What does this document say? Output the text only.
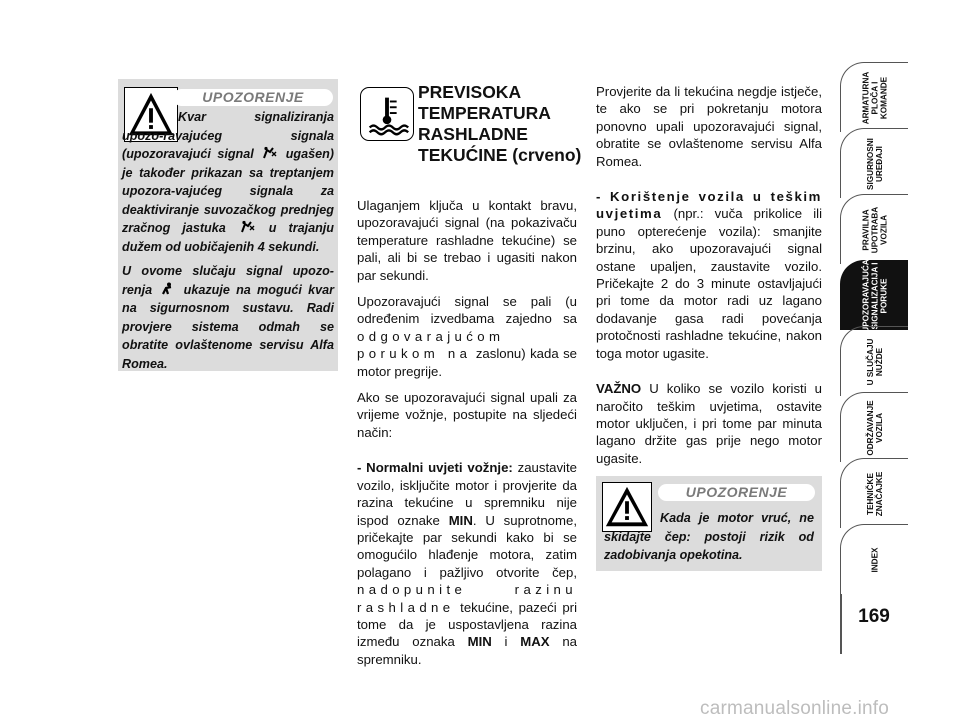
UPOZORENJE

Kvar signaliziranja upozo-ravajućeg signala (upozoravajući signal	ugašen) je također prikazan sa treptanjem upozora-vajućeg signala za deaktiviranje suvozačkog prednjeg zračnog jastuka	u trajanju dužem od uobičajenih 4 sekundi.

U ovome slučaju signal upozo-renja	ukazuje na mogući kvar na sigurnosnom sustavu. Radi provjere sistema odmah se obratite ovlaštenome servisu Alfa Romea.

PREVISOKA TEMPERATURA RASHLADNE TEKUĆINE (crveno)

Ulaganjem ključa u kontakt bravu, upozoravajući signal (na pokazivaču temperature rashladne tekućine) se pali, ali bi se trebao i ugasiti nakon par sekundi.

Upozoravajući signal se pali (u određenim izvedbama zajedno sa odgovarajućom porukom na zaslonu) kada se motor pregrije.

Ako se upozoravajući signal upali za vrijeme vožnje, postupite na sljedeći način:

- Normalni uvjeti vožnje: zaustavite vozilo, isključite motor i provjerite da razina tekućine u spremniku nije ispod oznake MIN. U suprotnome, pričekajte par sekundi kako bi se omogućilo hlađenje motora, zatim polagano i pažljivo otvorite čep, nadopunite razinu rashladne tekućine, pazeći pri tome da je uspostavljena razina između oznaka MIN i MAX na spremniku.

Provjerite da li tekućina negdje istječe, te ako se pri pokretanju motora ponovno upali upozoravajući signal, obratite se ovlaštenome servisu Alfa Romea.

- Korištenje vozila u teškim uvjetima (npr.: vuča prikolice ili puno opterećenje vozila): smanjite brzinu, ako upozoravajući signal ostane upaljen, zaustavite vozilo. Pričekajte 2 do 3 minute ostavljajući pri tome da motor radi uz lagano dodavanje gasa radi povećanja protočnosti rashladne tekućine, nakon toga motor ugasite.

VAŽNO U koliko se vozilo koristi u naročito teškim uvjetima, ostavite motor uključen, i pri tome par minuta lagano držite gas prije nego motor ugasite.

UPOZORENJE
Kada je motor vruć, ne skidajte čep: postoji rizik od zadobivanja opekotina.
ARMATURNA
PLOČA I
KOMANDE
SIGURNOSNI
UREĐAJI
PRAVILNA
UPOTRABA
VOZILA
UPOZORAVAJUĆA
SIGNALIZACIJA I
PORUKE
U SLUČAJU
NUŽDE
ODRŽAVANJE
VOZILA
TEHNIČKE
ZNAČAJKE
INDEX
169
carmanualsonline.info
